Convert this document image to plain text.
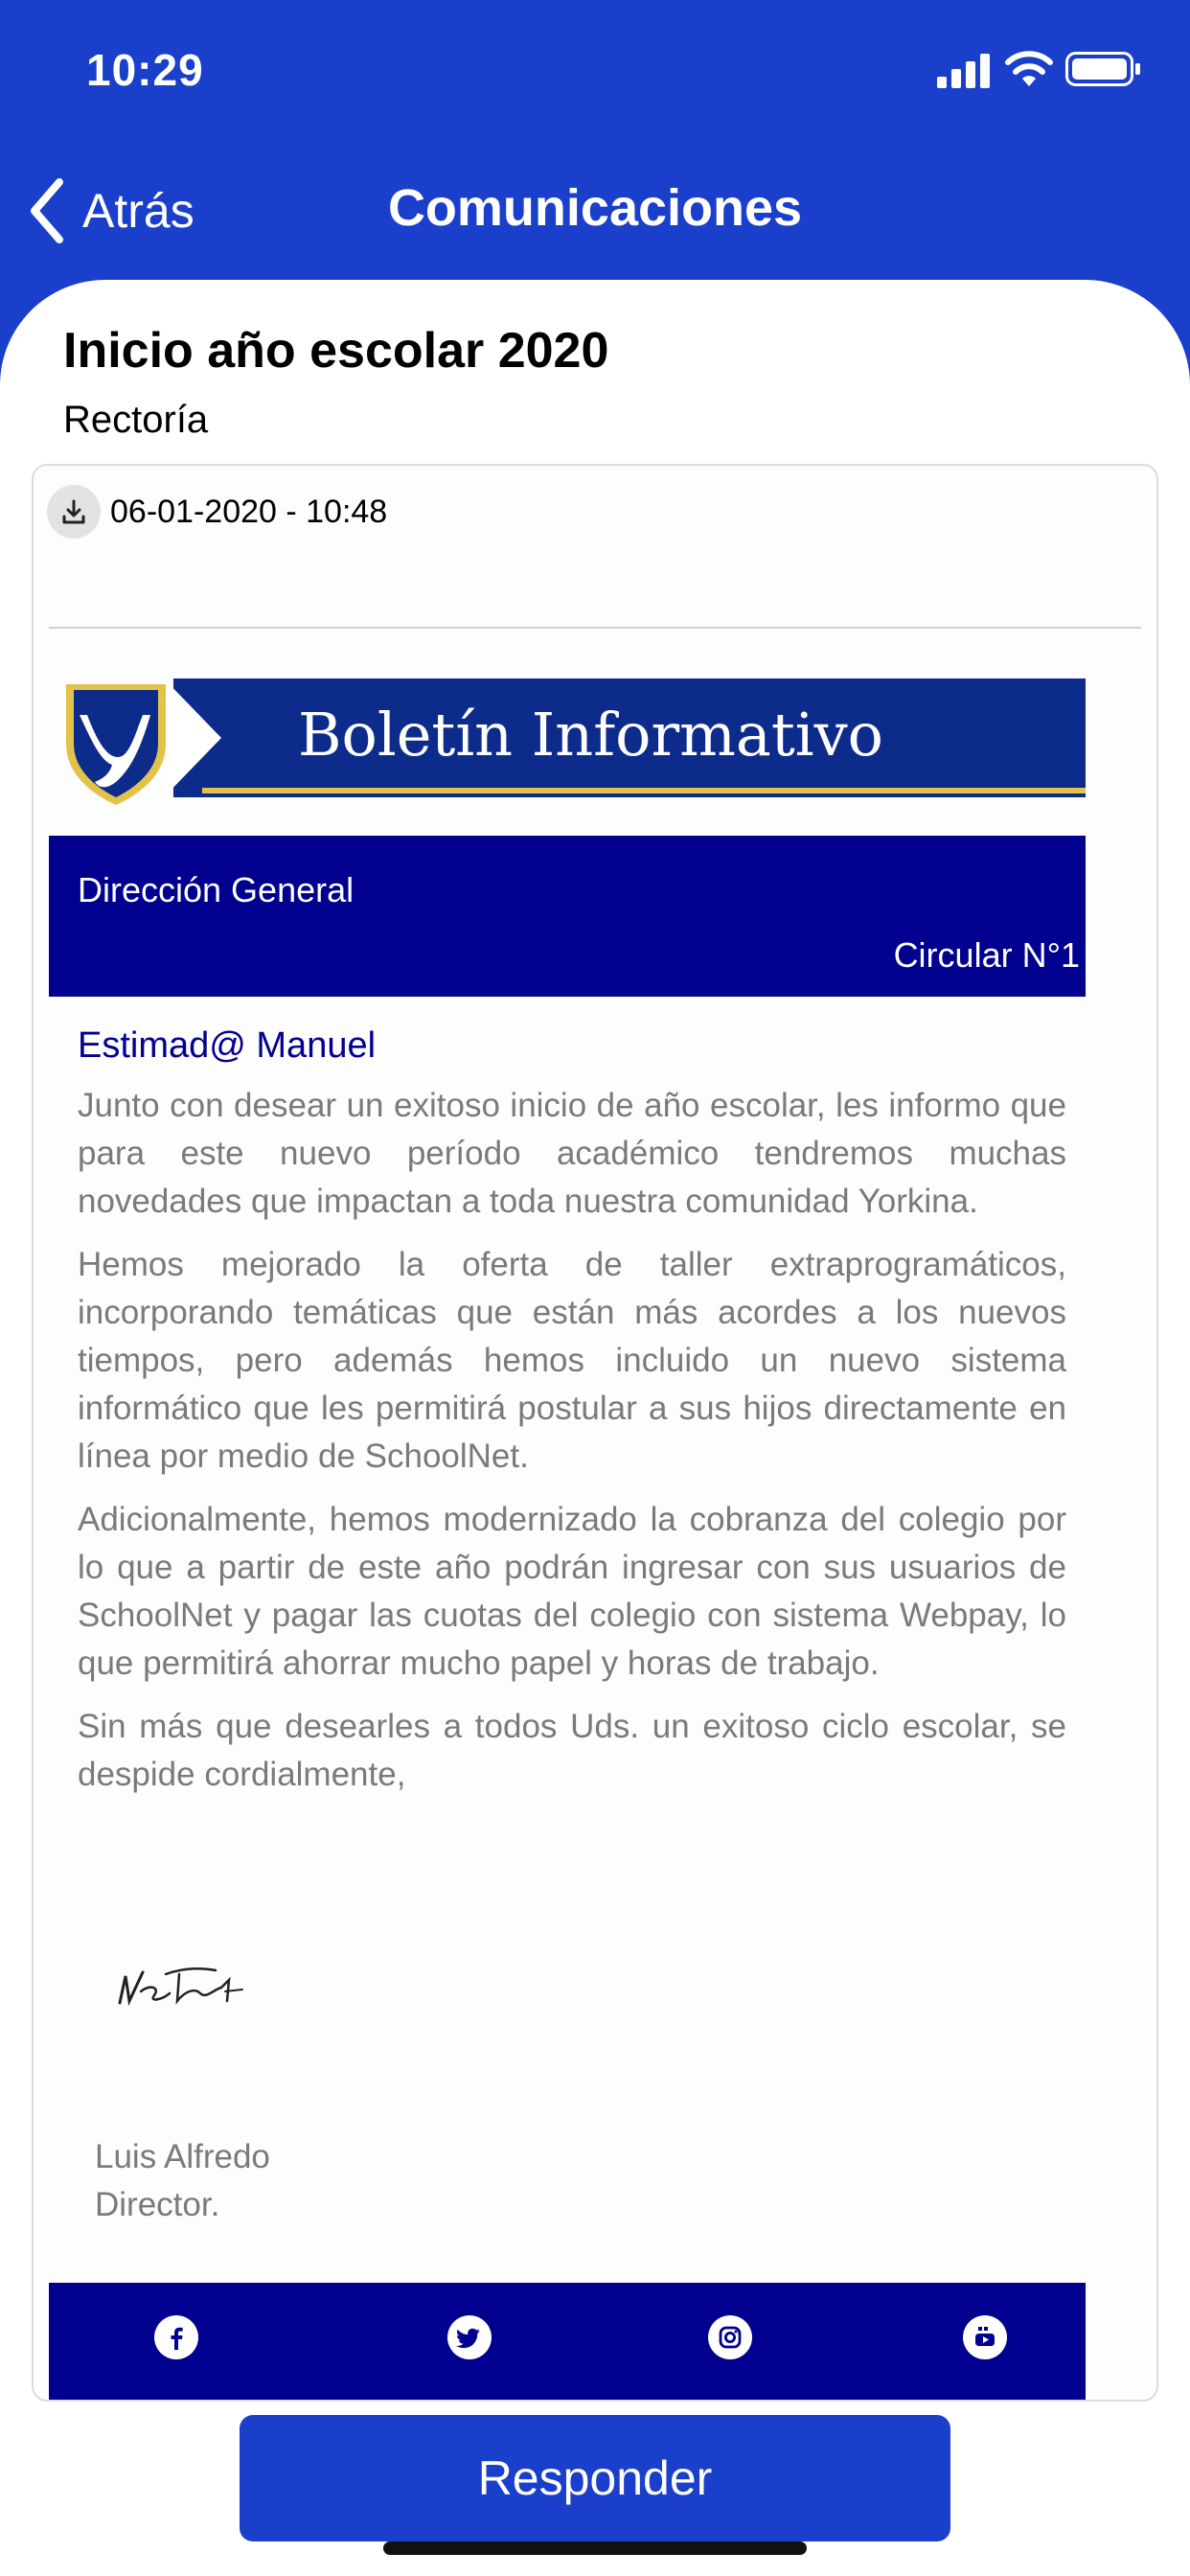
10:29
Atrás	Comunicaciones
Inicio año escolar 2020
Rectoría
06-01-2020 - 10:48
Boletín Informativo
Dirección General
Circular N°1

Estimad@ Manuel

Junto con desear un exitoso inicio de año escolar, les informo que para este nuevo período académico tendremos muchas novedades que impactan a toda nuestra comunidad Yorkina.

Hemos mejorado la oferta de taller extraprogramáticos, incorporando temáticas que están más acordes a los nuevos tiempos, pero además hemos incluido un nuevo sistema informático que les permitirá postular a sus hijos directamente en línea por medio de SchoolNet.

Adicionalmente, hemos modernizado la cobranza del colegio por lo que a partir de este año podrán ingresar con sus usuarios de SchoolNet y pagar las cuotas del colegio con sistema Webpay, lo que permitirá ahorrar mucho papel y horas de trabajo.

Sin más que desearles a todos Uds. un exitoso ciclo escolar, se despide cordialmente,

Luis Alfredo
Director.
Responder
